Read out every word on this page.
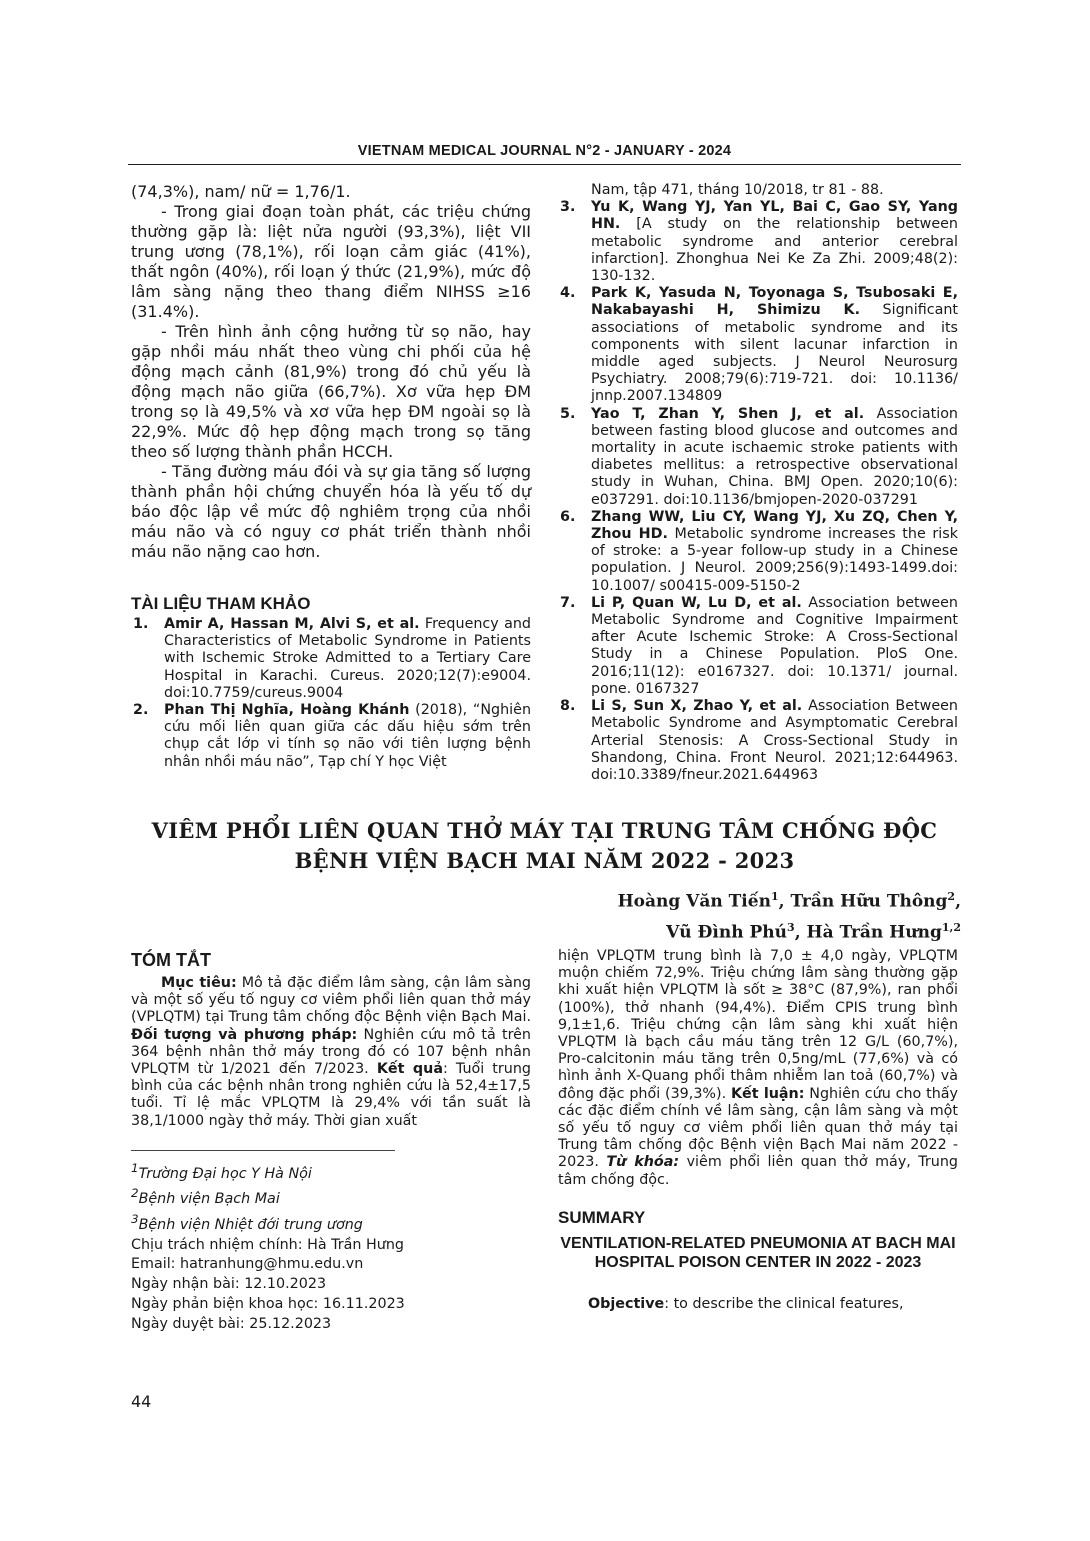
VIETNAM MEDICAL JOURNAL N°2 - JANUARY - 2024

(74,3%), nam/ nữ = 1,76/1.

- Trong giai đoạn toàn phát, các triệu chứng thường gặp là: liệt nửa người (93,3%), liệt VII trung ương (78,1%), rối loạn cảm giác (41%), thất ngôn (40%), rối loạn ý thức (21,9%), mức độ lâm sàng nặng theo thang điểm NIHSS ≥16 (31.4%).

- Trên hình ảnh cộng hưởng từ sọ não, hay gặp nhồi máu nhất theo vùng chi phối của hệ động mạch cảnh (81,9%) trong đó chủ yếu là động mạch não giữa (66,7%). Xơ vữa hẹp ĐM trong sọ là 49,5% và xơ vữa hẹp ĐM ngoài sọ là 22,9%. Mức độ hẹp động mạch trong sọ tăng theo số lượng thành phần HCCH.

- Tăng đường máu đói và sự gia tăng số lượng thành phần hội chứng chuyển hóa là yếu tố dự báo độc lập về mức độ nghiêm trọng của nhồi máu não và có nguy cơ phát triển thành nhồi máu não nặng cao hơn.

TÀI LIỆU THAM KHẢO
1. Amir A, Hassan M, Alvi S, et al. Frequency and Characteristics of Metabolic Syndrome in Patients with Ischemic Stroke Admitted to a Tertiary Care Hospital in Karachi. Cureus. 2020;12(7):e9004. doi:10.7759/cureus.9004
2. Phan Thị Nghĩa, Hoàng Khánh (2018), “Nghiên cứu mối liên quan giữa các dấu hiệu sớm trên chụp cắt lớp vi tính sọ não với tiên lượng bệnh nhân nhồi máu não”, Tạp chí Y học Việt
Nam, tập 471, tháng 10/2018, tr 81 - 88.
3. Yu K, Wang YJ, Yan YL, Bai C, Gao SY, Yang HN. [A study on the relationship between metabolic syndrome and anterior cerebral infarction]. Zhonghua Nei Ke Za Zhi. 2009;48(2): 130-132.
4. Park K, Yasuda N, Toyonaga S, Tsubosaki E, Nakabayashi H, Shimizu K. Significant associations of metabolic syndrome and its components with silent lacunar infarction in middle aged subjects. J Neurol Neurosurg Psychiatry. 2008;79(6):719-721. doi: 10.1136/ jnnp.2007.134809
5. Yao T, Zhan Y, Shen J, et al. Association between fasting blood glucose and outcomes and mortality in acute ischaemic stroke patients with diabetes mellitus: a retrospective observational study in Wuhan, China. BMJ Open. 2020;10(6): e037291. doi:10.1136/bmjopen-2020-037291
6. Zhang WW, Liu CY, Wang YJ, Xu ZQ, Chen Y, Zhou HD. Metabolic syndrome increases the risk of stroke: a 5-year follow-up study in a Chinese population. J Neurol. 2009;256(9):1493-1499.doi: 10.1007/ s00415-009-5150-2
7. Li P, Quan W, Lu D, et al. Association between Metabolic Syndrome and Cognitive Impairment after Acute Ischemic Stroke: A Cross-Sectional Study in a Chinese Population. PloS One. 2016;11(12): e0167327. doi: 10.1371/ journal. pone. 0167327
8. Li S, Sun X, Zhao Y, et al. Association Between Metabolic Syndrome and Asymptomatic Cerebral Arterial Stenosis: A Cross-Sectional Study in Shandong, China. Front Neurol. 2021;12:644963. doi:10.3389/fneur.2021.644963
VIÊM PHỔI LIÊN QUAN THỞ MÁY TẠI TRUNG TÂM CHỐNG ĐỘC
BỆNH VIỆN BẠCH MAI NĂM 2022 - 2023
Hoàng Văn Tiến$^1$, Trần Hữu Thông$^2$,
Vũ Đình Phú$^3$, Hà Trần Hưng$^{1,2}$
TÓM TẮT

Mục tiêu: Mô tả đặc điểm lâm sàng, cận lâm sàng và một số yếu tố nguy cơ viêm phổi liên quan thở máy (VPLQTM) tại Trung tâm chống độc Bệnh viện Bạch Mai. Đối tượng và phương pháp: Nghiên cứu mô tả trên 364 bệnh nhân thở máy trong đó có 107 bệnh nhân VPLQTM từ 1/2021 đến 7/2023. Kết quả: Tuổi trung bình của các bệnh nhân trong nghiên cứu là 52,4±17,5 tuổi. Tỉ lệ mắc VPLQTM là 29,4% với tần suất là 38,1/1000 ngày thở máy. Thời gian xuất

$^1$Trường Đại học Y Hà Nội
$^2$Bệnh viện Bạch Mai
$^3$Bệnh viện Nhiệt đới trung ương
Chịu trách nhiệm chính: Hà Trần Hưng
Email: hatranhung@hmu.edu.vn
Ngày nhận bài: 12.10.2023
Ngày phản biện khoa học: 16.11.2023
Ngày duyệt bài: 25.12.2023

hiện VPLQTM trung bình là 7,0 ± 4,0 ngày, VPLQTM muộn chiếm 72,9%. Triệu chứng lâm sàng thường gặp khi xuất hiện VPLQTM là sốt ≥ 38°C (87,9%), ran phổi (100%), thở nhanh (94,4%). Điểm CPIS trung bình 9,1±1,6. Triệu chứng cận lâm sàng khi xuất hiện VPLQTM là bạch cầu máu tăng trên 12 G/L (60,7%), Pro-calcitonin máu tăng trên 0,5ng/mL (77,6%) và có hình ảnh X-Quang phổi thâm nhiễm lan toả (60,7%) và đông đặc phổi (39,3%). Kết luận: Nghiên cứu cho thấy các đặc điểm chính về lâm sàng, cận lâm sàng và một số yếu tố nguy cơ viêm phổi liên quan thở máy tại Trung tâm chống độc Bệnh viện Bạch Mai năm 2022 - 2023. Từ khóa: viêm phổi liên quan thở máy, Trung tâm chống độc.

SUMMARY
VENTILATION-RELATED PNEUMONIA AT BACH MAI HOSPITAL POISON CENTER IN 2022 - 2023

Objective: to describe the clinical features,

44
